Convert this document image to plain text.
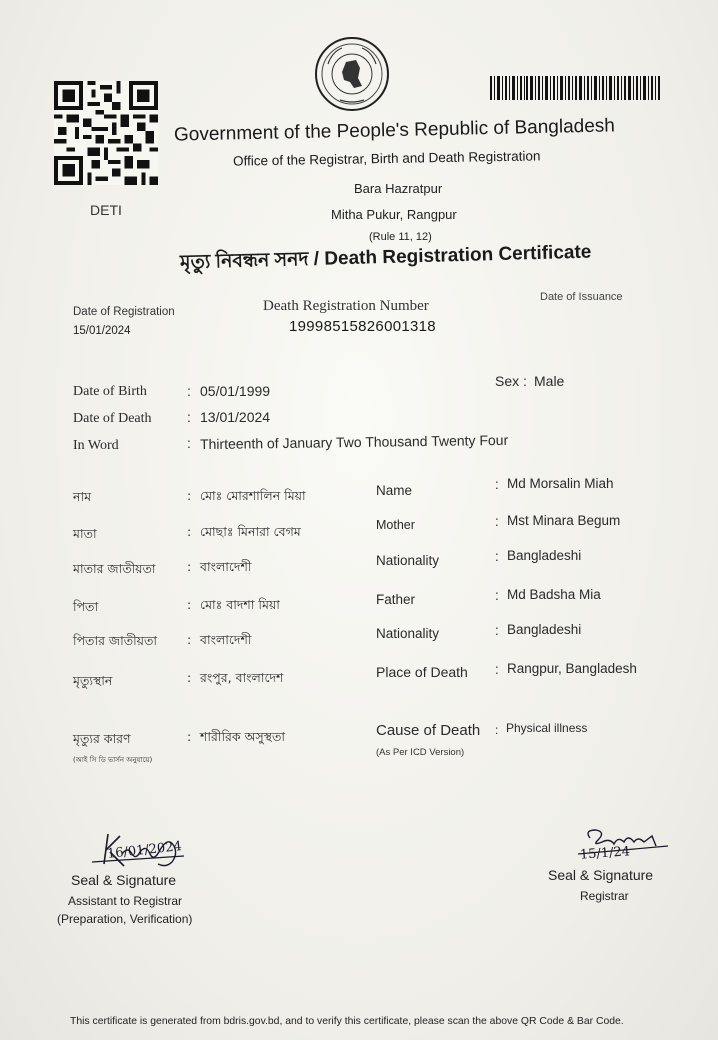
DETI
Government of the People's Republic of Bangladesh
Office of the Registrar, Birth and Death Registration
Bara Hazratpur
Mitha Pukur, Rangpur
(Rule 11, 12)
মৃত্যু নিবন্ধন সনদ / Death Registration Certificate
Date of Registration
15/01/2024
Death Registration Number
19998515826001318
Date of Issuance
Date of Birth	: 05/01/1999
Date of Death	: 13/01/2024
In Word	: Thirteenth of January Two Thousand Twenty Four
Sex : Male
নাম	: মোঃ মোরশালিন মিয়া
মাতা	: মোছাঃ মিনারা বেগম
মাতার জাতীয়তা	: বাংলাদেশী
পিতা	: মোঃ বাদশা মিয়া
পিতার জাতীয়তা : বাংলাদেশী
মৃত্যুস্থান	: রংপুর, বাংলাদেশ
মৃত্যুর কারণ	: শারীরিক অসুস্থতা
(আই সি ডি ভার্সন অনুযায়ে)
Name	: Md Morsalin Miah
Mother	: Mst Minara Begum
Nationality	: Bangladeshi
Father	: Md Badsha Mia
Nationality	: Bangladeshi
Place of Death : Rangpur, Bangladesh
Cause of Death : Physical illness
(As Per ICD Version)
16/01/2024
Seal & Signature
Assistant to Registrar
(Preparation, Verification)
15/1/24
Seal & Signature
Registrar
This certificate is generated from bdris.gov.bd, and to verify this certificate, please scan the above QR Code & Bar Code.
